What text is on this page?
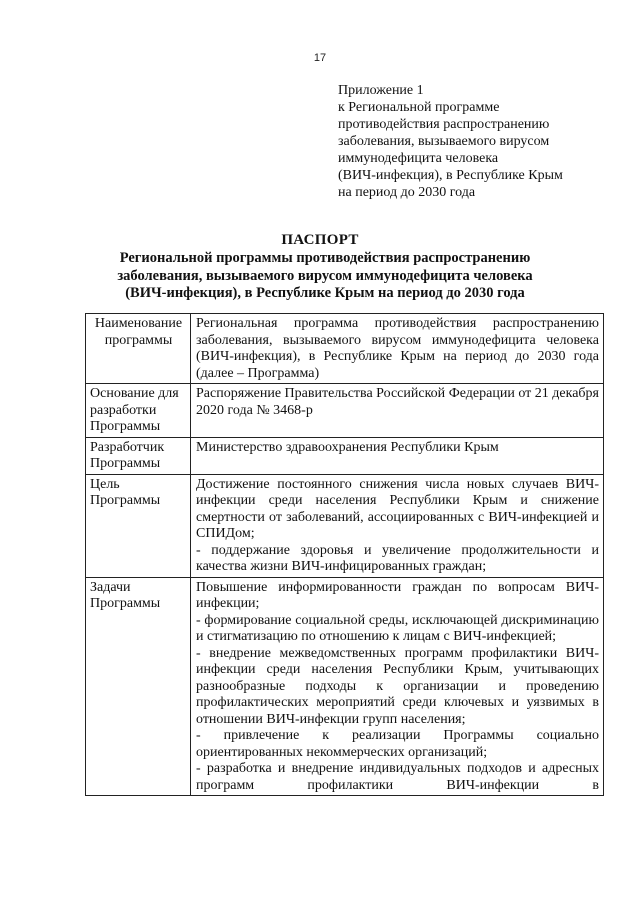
17
Приложение 1
к Региональной программе
противодействия распространению
заболевания, вызываемого вирусом
иммунодефицита человека
(ВИЧ-инфекция), в Республике Крым
на период до 2030 года
ПАСПОРТ
Региональной программы противодействия распространению
заболевания, вызываемого вирусом иммунодефицита человека
(ВИЧ-инфекция), в Республике Крым на период до 2030 года
Наименование программы	Региональная программа противодействия распространению заболевания, вызываемого вирусом иммунодефицита человека (ВИЧ-инфекция), в Республике Крым на период до 2030 года (далее – Программа)

Основание для разработки Программы	Распоряжение Правительства Российской Федерации от 21 декабря 2020 года № 3468-р

Разработчик Программы	Министерство здравоохранения Республики Крым

Цель Программы	Достижение постоянного снижения числа новых случаев ВИЧ-инфекции среди населения Республики Крым и снижение смертности от заболеваний, ассоциированных с ВИЧ-инфекцией и СПИДом;

- поддержание здоровья и увеличение продолжительности и качества жизни ВИЧ-инфицированных граждан;

Задачи Программы	Повышение информированности граждан по вопросам ВИЧ-инфекции;

- формирование социальной среды, исключающей дискриминацию и стигматизацию по отношению к лицам с ВИЧ-инфекцией;

- внедрение межведомственных программ профилактики ВИЧ-инфекции среди населения Республики Крым, учитывающих разнообразные подходы к организации и проведению профилактических мероприятий среди ключевых и уязвимых в отношении ВИЧ-инфекции групп населения;

- привлечение к реализации Программы социально ориентированных некоммерческих организаций;

- разработка и внедрение индивидуальных подходов и адресных программ профилактики ВИЧ-инфекции в
